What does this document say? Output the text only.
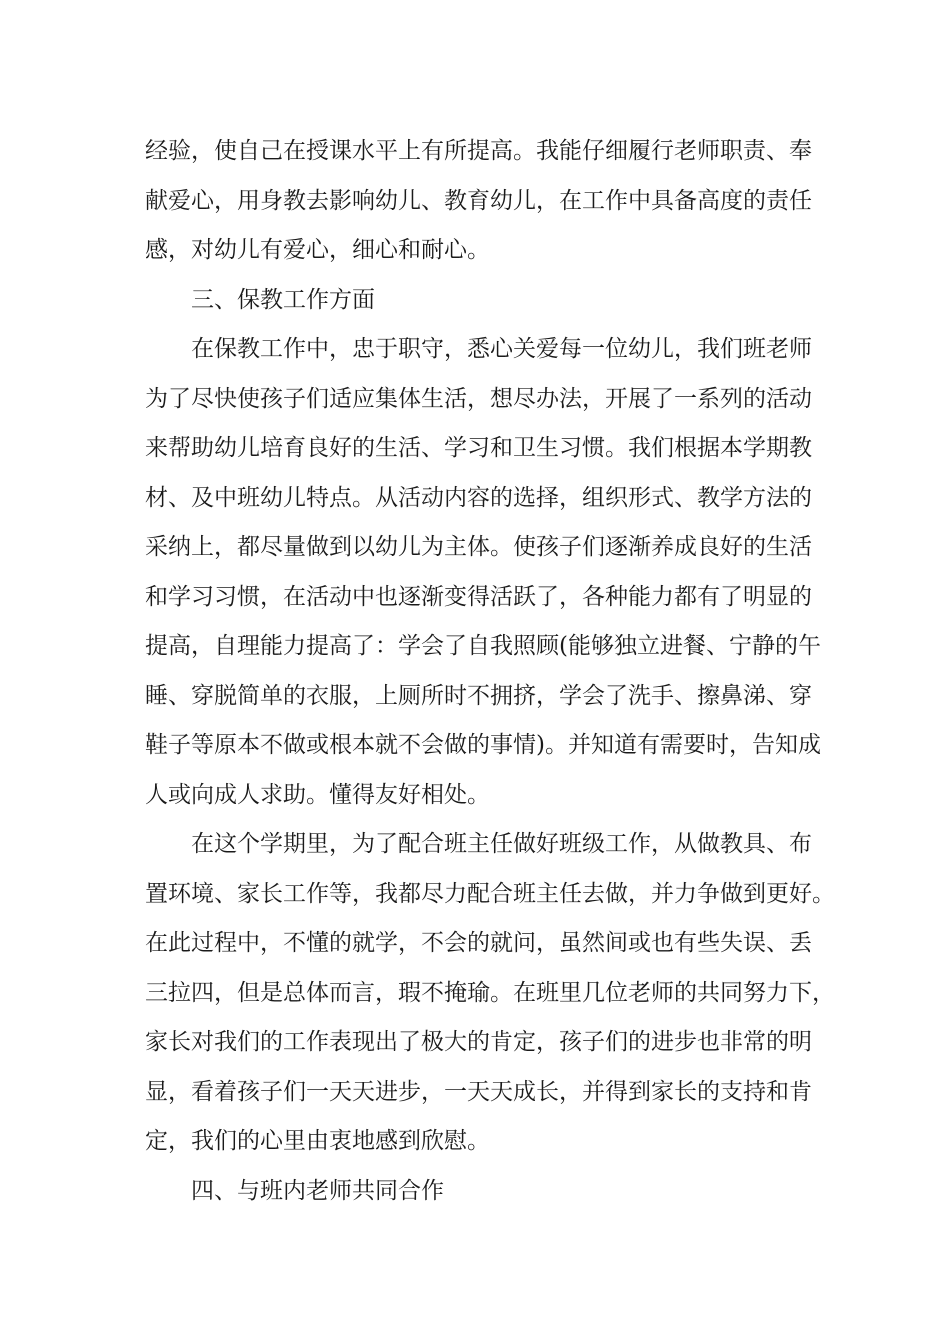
经验，使自己在授课水平上有所提高。我能仔细履行老师职责、奉
献爱心，用身教去影响幼儿、教育幼儿，在工作中具备高度的责任
感，对幼儿有爱心，细心和耐心。
三、保教工作方面
在保教工作中，忠于职守，悉心关爱每一位幼儿，我们班老师
为了尽快使孩子们适应集体生活，想尽办法，开展了一系列的活动
来帮助幼儿培育良好的生活、学习和卫生习惯。我们根据本学期教
材、及中班幼儿特点。从活动内容的选择，组织形式、教学方法的
采纳上，都尽量做到以幼儿为主体。使孩子们逐渐养成良好的生活
和学习习惯，在活动中也逐渐变得活跃了，各种能力都有了明显的
提高，自理能力提高了：学会了自我照顾(能够独立进餐、宁静的午
睡、穿脱简单的衣服，上厕所时不拥挤，学会了洗手、擦鼻涕、穿
鞋子等原本不做或根本就不会做的事情)。并知道有需要时，告知成
人或向成人求助。懂得友好相处。
在这个学期里，为了配合班主任做好班级工作，从做教具、布
置环境、家长工作等，我都尽力配合班主任去做，并力争做到更好。
在此过程中，不懂的就学，不会的就问，虽然间或也有些失误、丢
三拉四，但是总体而言，瑕不掩瑜。在班里几位老师的共同努力下，
家长对我们的工作表现出了极大的肯定，孩子们的进步也非常的明
显，看着孩子们一天天进步，一天天成长，并得到家长的支持和肯
定，我们的心里由衷地感到欣慰。
四、与班内老师共同合作
